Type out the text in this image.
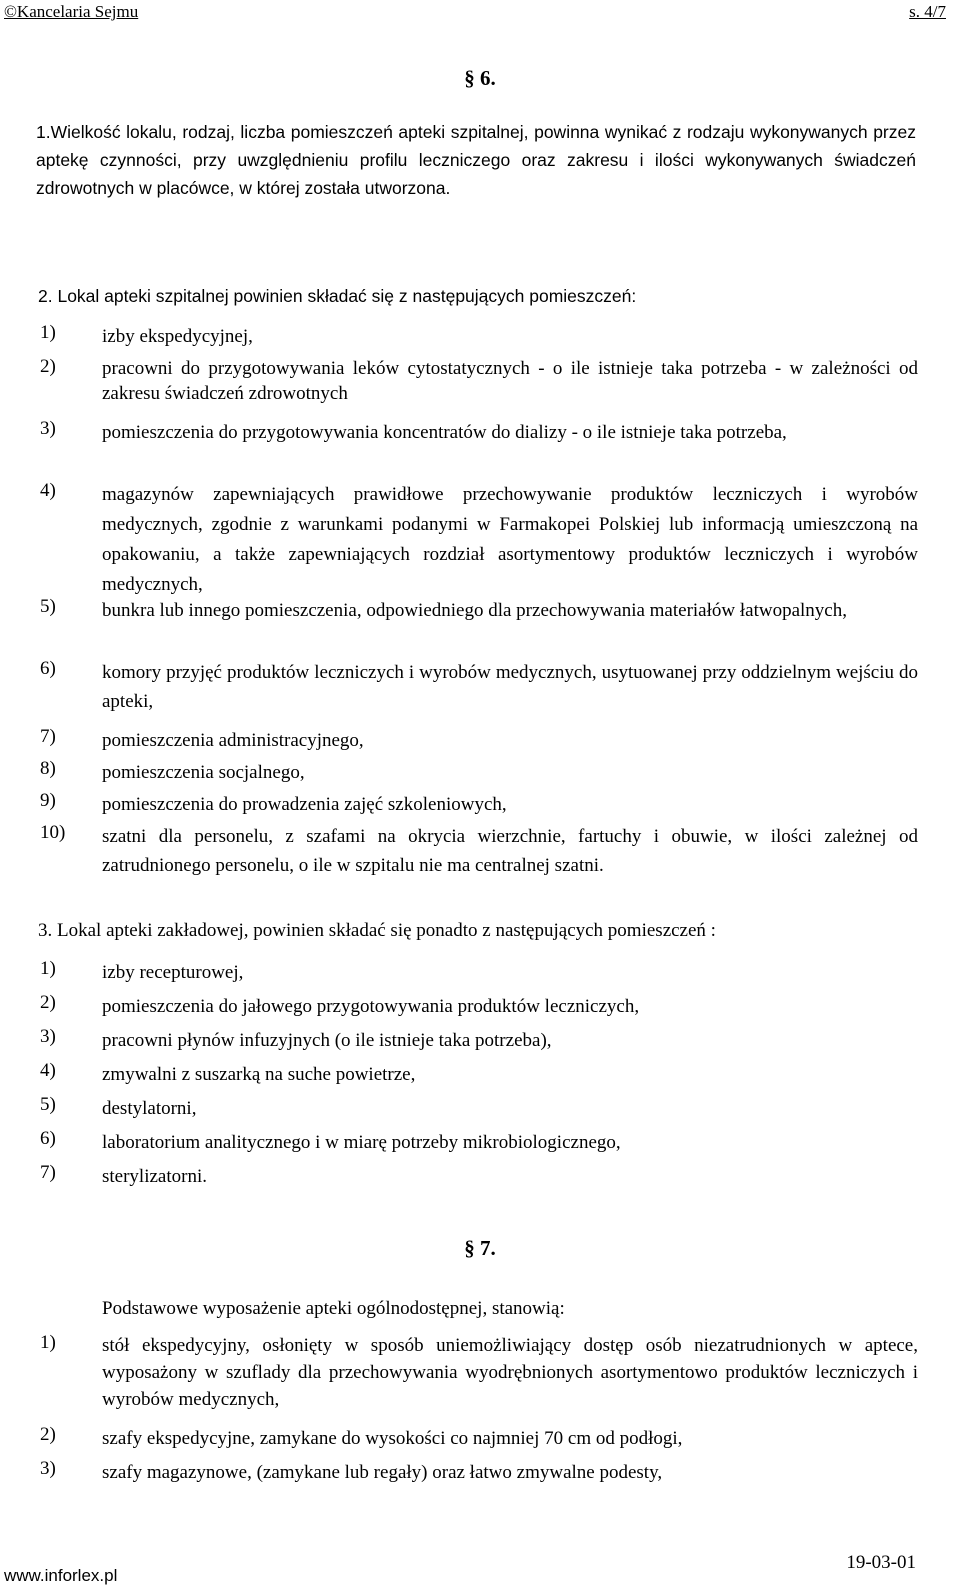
©Kancelaria Sejmu	s. 4/7
§ 6.
1.Wielkość lokalu, rodzaj, liczba pomieszczeń apteki szpitalnej, powinna wynikać z rodzaju wykonywanych przez aptekę czynności, przy uwzględnieniu profilu leczniczego oraz zakresu i ilości wykonywanych świadczeń zdrowotnych w placówce, w której została utworzona.
2. Lokal apteki szpitalnej powinien składać się z następujących pomieszczeń:
1)	izby ekspedycyjnej,
2)	pracowni do przygotowywania leków cytostatycznych - o ile istnieje taka potrzeba - w zależności od zakresu świadczeń zdrowotnych
3)	pomieszczenia do przygotowywania koncentratów do dializy - o ile istnieje taka potrzeba,
4)	magazynów zapewniających prawidłowe przechowywanie produktów leczniczych i wyrobów medycznych, zgodnie z warunkami podanymi w Farmakopei Polskiej lub informacją umieszczoną na opakowaniu, a także zapewniających rozdział asortymentowy produktów leczniczych i wyrobów medycznych,
5)	bunkra lub innego pomieszczenia, odpowiedniego dla przechowywania materiałów łatwopalnych,
6)	komory przyjęć produktów leczniczych i wyrobów medycznych, usytuowanej przy oddzielnym wejściu do apteki,
7)	pomieszczenia administracyjnego,
8)	pomieszczenia socjalnego,
9)	pomieszczenia do prowadzenia zajęć szkoleniowych,
10)	szatni dla personelu, z szafami na okrycia wierzchnie, fartuchy i obuwie, w ilości zależnej od zatrudnionego personelu, o ile w szpitalu nie ma centralnej szatni.
3. Lokal apteki zakładowej, powinien składać się ponadto z następujących pomieszczeń :
1)	izby recepturowej,
2)	pomieszczenia do jałowego przygotowywania produktów leczniczych,
3)	pracowni płynów infuzyjnych (o ile istnieje taka potrzeba),
4)	zmywalni z suszarką na suche powietrze,
5)	destylatorni,
6)	laboratorium analitycznego i w miarę potrzeby mikrobiologicznego,
7)	sterylizatorni.
§ 7.
Podstawowe wyposażenie apteki ogólnodostępnej, stanowią:
1)	stół ekspedycyjny, osłonięty w sposób uniemożliwiający dostęp osób niezatrudnionych w aptece, wyposażony w szuflady dla przechowywania wyodrębnionych asortymentowo produktów leczniczych i wyrobów medycznych,
2)	szafy ekspedycyjne, zamykane do wysokości co najmniej 70 cm od podłogi,
3)	szafy magazynowe, (zamykane lub regały) oraz łatwo zmywalne podesty,
19-03-01
www.inforlex.pl
